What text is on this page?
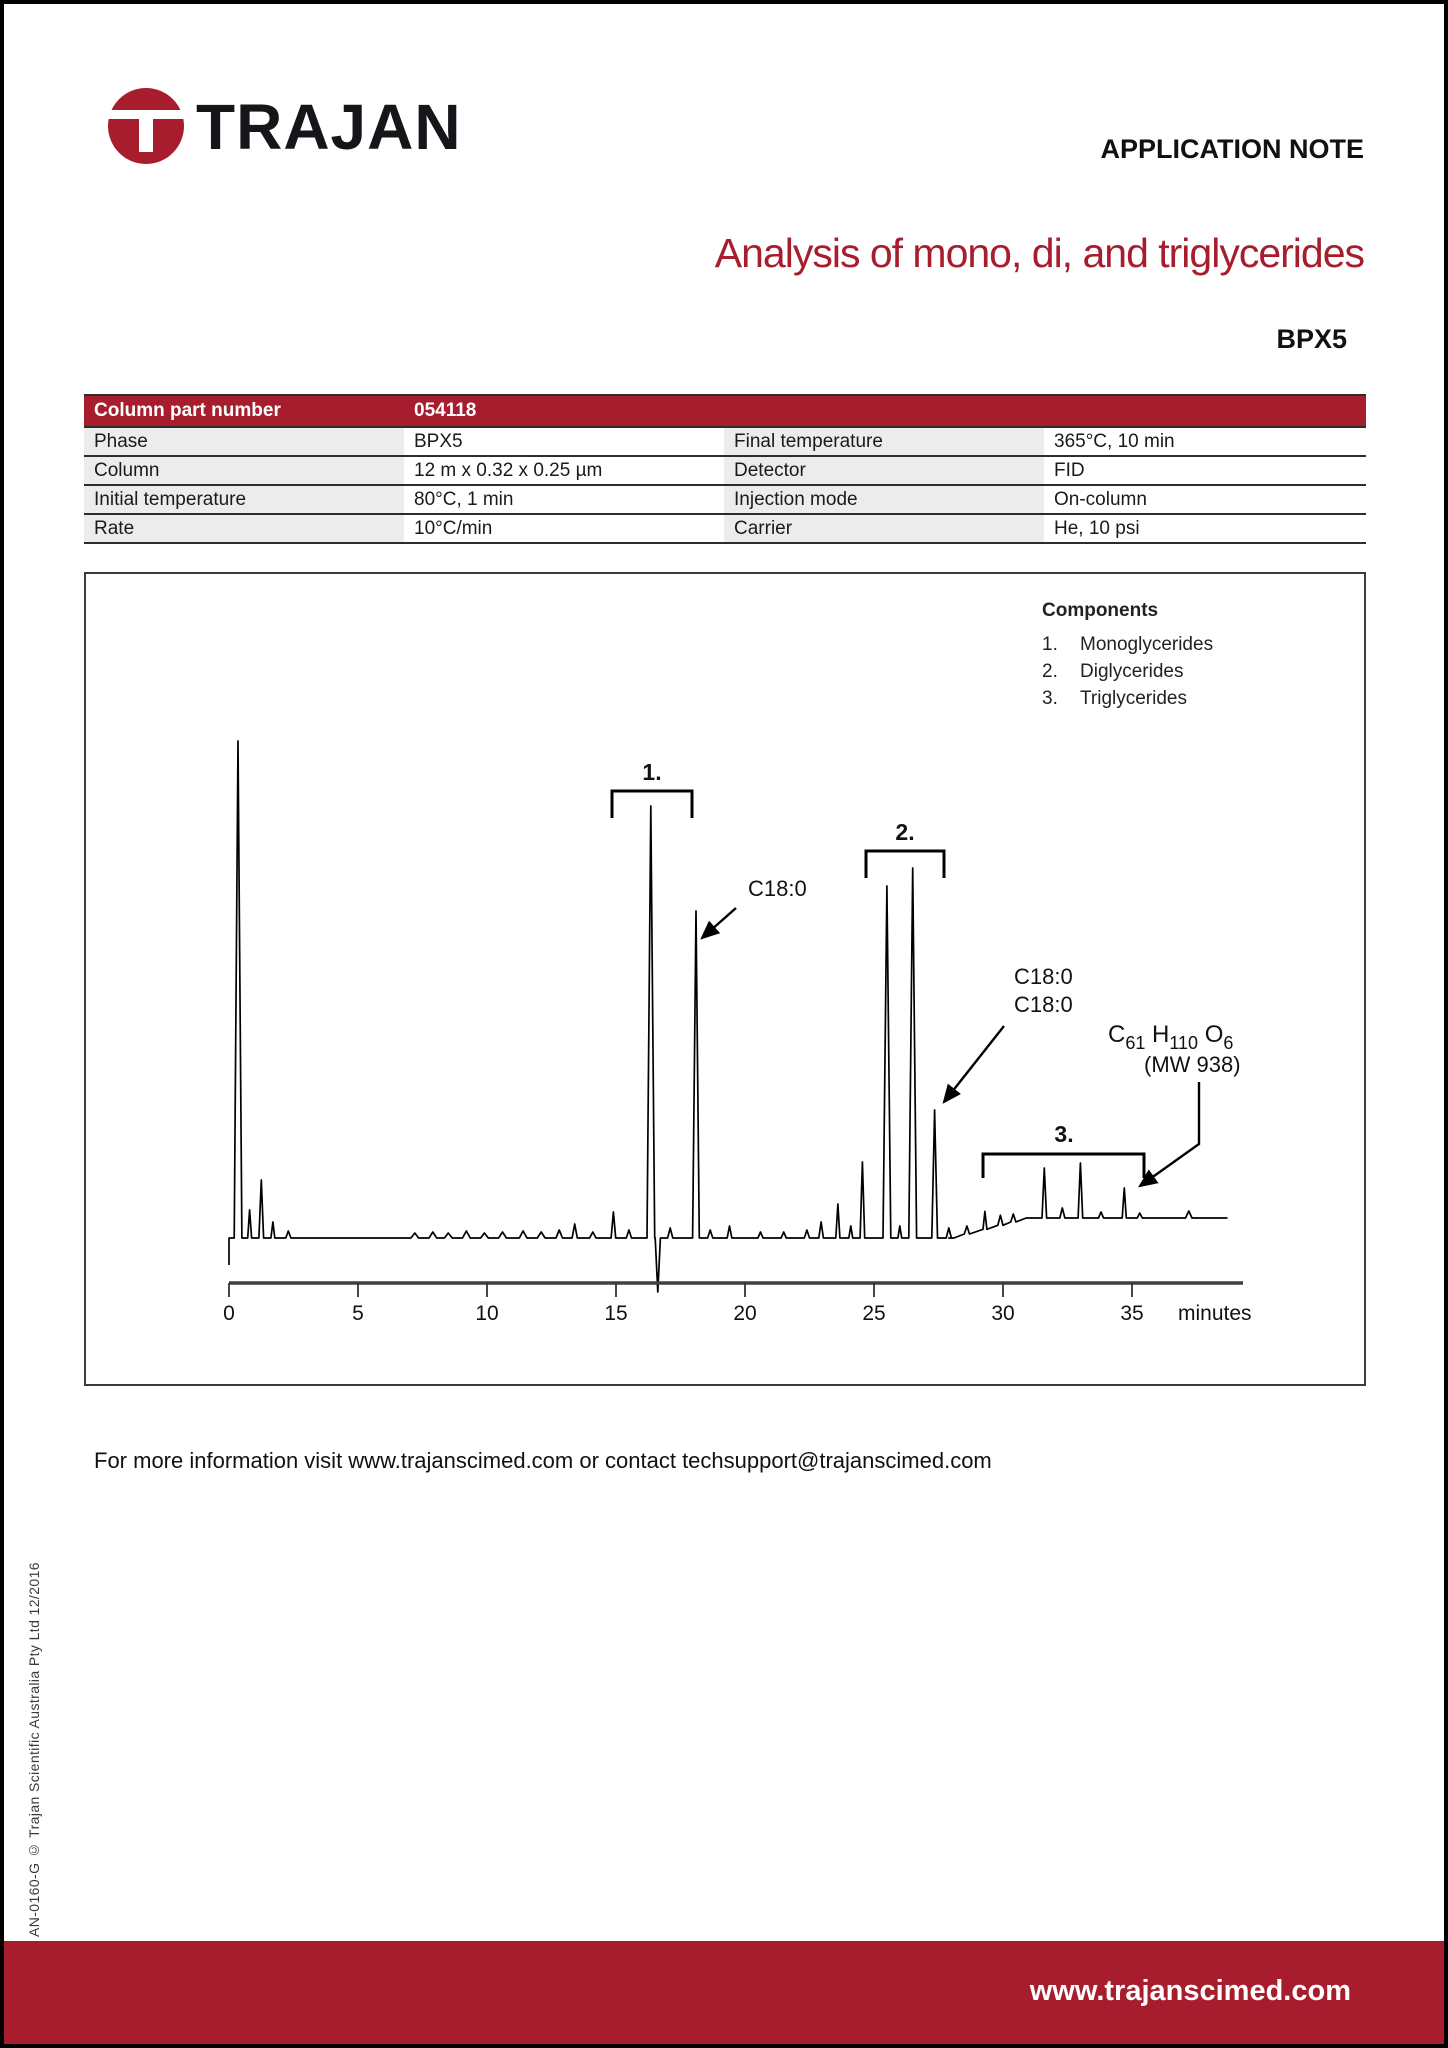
TRAJAN	APPLICATION NOTE
Analysis of mono, di, and triglycerides
BPX5
Column part number	054118
Phase	BPX5	Final temperature	365°C, 10 min
Column	12 m x 0.32 x 0.25 µm	Detector	FID
Initial temperature	80°C, 1 min	Injection mode	On-column
Rate	10°C/min	Carrier	He, 10 psi
0	5	10	15	20	25	30	35 minutes
1.
2.
3.
C18:0
C18:0
C18:0
$C_{61}$ $H_{110}$ $O_6$
(MW 938)
Components
1.	Monoglycerides
2.	Diglycerides
3.	Triglycerides
For more information visit www.trajanscimed.com or contact techsupport@trajanscimed.com
AN-0160-G © Trajan Scientific Australia Pty Ltd 12/2016
www.trajanscimed.com
